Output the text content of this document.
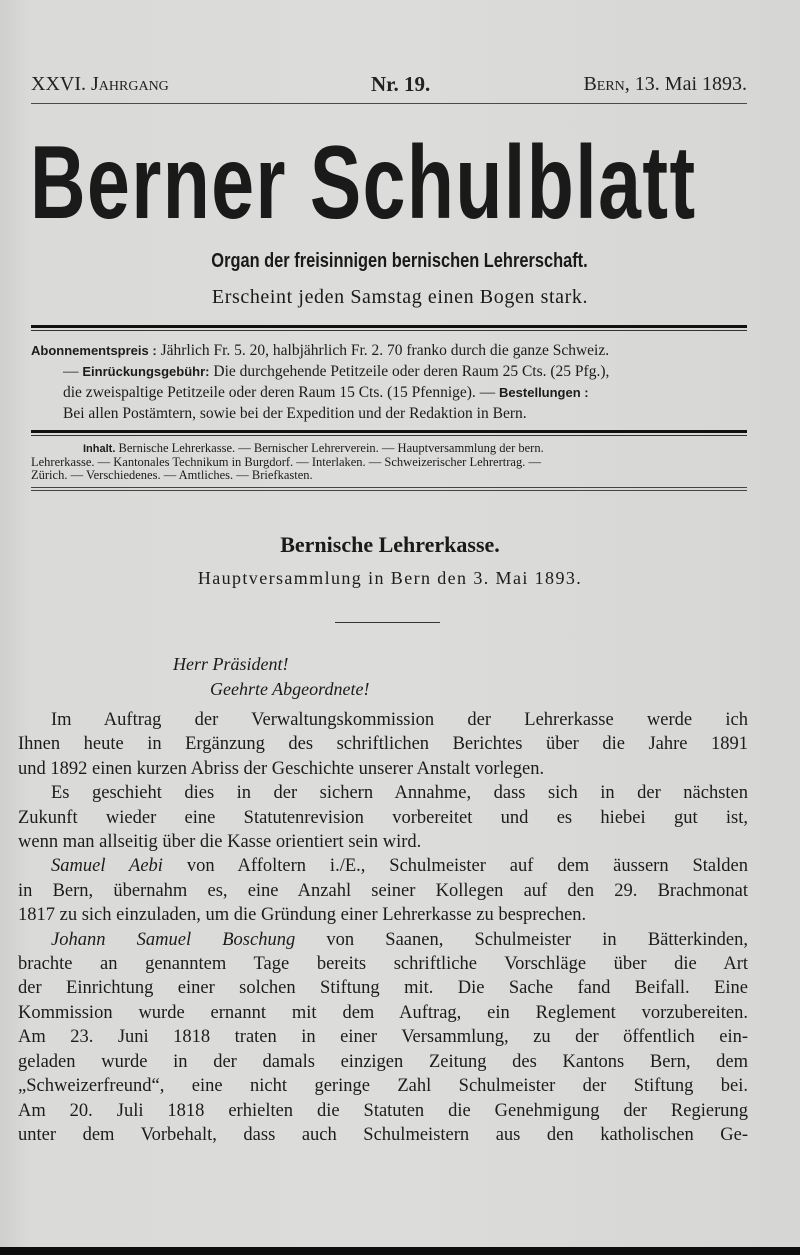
XXVI. Jahrgang	Nr. 19.	Bern, 13. Mai 1893.
Berner Schulblatt
Organ der freisinnigen bernischen Lehrerschaft.
Erscheint jeden Samstag einen Bogen stark.
Abonnementspreis : Jährlich Fr. 5. 20, halbjährlich Fr. 2. 70 franko durch die ganze Schweiz.
— Einrückungsgebühr: Die durchgehende Petitzeile oder deren Raum 25 Cts. (25 Pfg.),
die zweispaltige Petitzeile oder deren Raum 15 Cts. (15 Pfennige). — Bestellungen :
Bei allen Postämtern, sowie bei der Expedition und der Redaktion in Bern.
Inhalt. Bernische Lehrerkasse. — Bernischer Lehrerverein. — Hauptversammlung der bern.
Lehrerkasse. — Kantonales Technikum in Burgdorf. — Interlaken. — Schweizerischer Lehrertrag. —
Zürich. — Verschiedenes. — Amtliches. — Briefkasten.
Bernische Lehrerkasse.
Hauptversammlung in Bern den 3. Mai 1893.
Herr Präsident!
Geehrte Abgeordnete!
Im Auftrag der Verwaltungskommission der Lehrerkasse werde ich
Ihnen heute in Ergänzung des schriftlichen Berichtes über die Jahre 1891
und 1892 einen kurzen Abriss der Geschichte unserer Anstalt vorlegen.
Es geschieht dies in der sichern Annahme, dass sich in der nächsten
Zukunft wieder eine Statutenrevision vorbereitet und es hiebei gut ist,
wenn man allseitig über die Kasse orientiert sein wird.
Samuel Aebi von Affoltern i./E., Schulmeister auf dem äussern Stalden
in Bern, übernahm es, eine Anzahl seiner Kollegen auf den 29. Brachmonat
1817 zu sich einzuladen, um die Gründung einer Lehrerkasse zu besprechen.
Johann Samuel Boschung von Saanen, Schulmeister in Bätterkinden,
brachte an genanntem Tage bereits schriftliche Vorschläge über die Art
der Einrichtung einer solchen Stiftung mit. Die Sache fand Beifall. Eine
Kommission wurde ernannt mit dem Auftrag, ein Reglement vorzubereiten.
Am 23. Juni 1818 traten in einer Versammlung, zu der öffentlich ein-
geladen wurde in der damals einzigen Zeitung des Kantons Bern, dem
„Schweizerfreund“, eine nicht geringe Zahl Schulmeister der Stiftung bei.
Am 20. Juli 1818 erhielten die Statuten die Genehmigung der Regierung
unter dem Vorbehalt, dass auch Schulmeistern aus den katholischen Ge-
